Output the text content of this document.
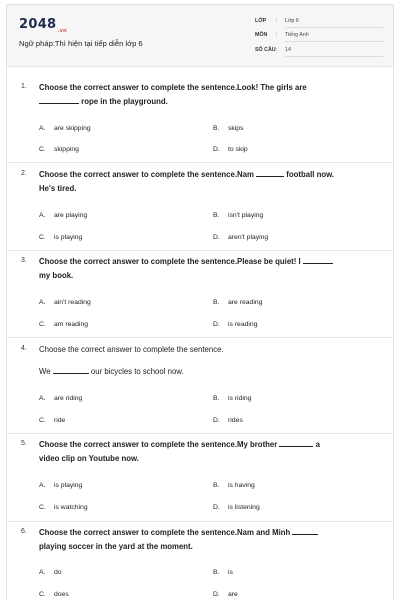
$2048_{.vn}$
Ngữ pháp:Thì hiện tại tiếp diễn lớp 6
LỚP : Lớp 6
MÔN : Tiếng Anh
SỐ CÂU : 14
1. Choose the correct answer to complete the sentence.Look! The girls are
rope in the playground.
A. are skipping	B. skips
C. skipping	D. to skip
2. Choose the correct answer to complete the sentence.Nam	football now.
He's tired.
A. are playing	B. isn't playing
C. is playing	D. aren't playing
3. Choose the correct answer to complete the sentence.Please be quiet! I
my book.
A. ain't reading	B. are reading
C. am reading	D. is reading
4. Choose the correct answer to complete the sentence.
We	our bicycles to school now.
A. are riding	B. is riding
C. ride	D. rides
5. Choose the correct answer to complete the sentence.My brother	a
video clip on Youtube now.
A. is playing	B. is having
C. is watching	D. is listening
6. Choose the correct answer to complete the sentence.Nam and Minh
playing soccer in the yard at the moment.
A. do	B. is
C. does	D. are
